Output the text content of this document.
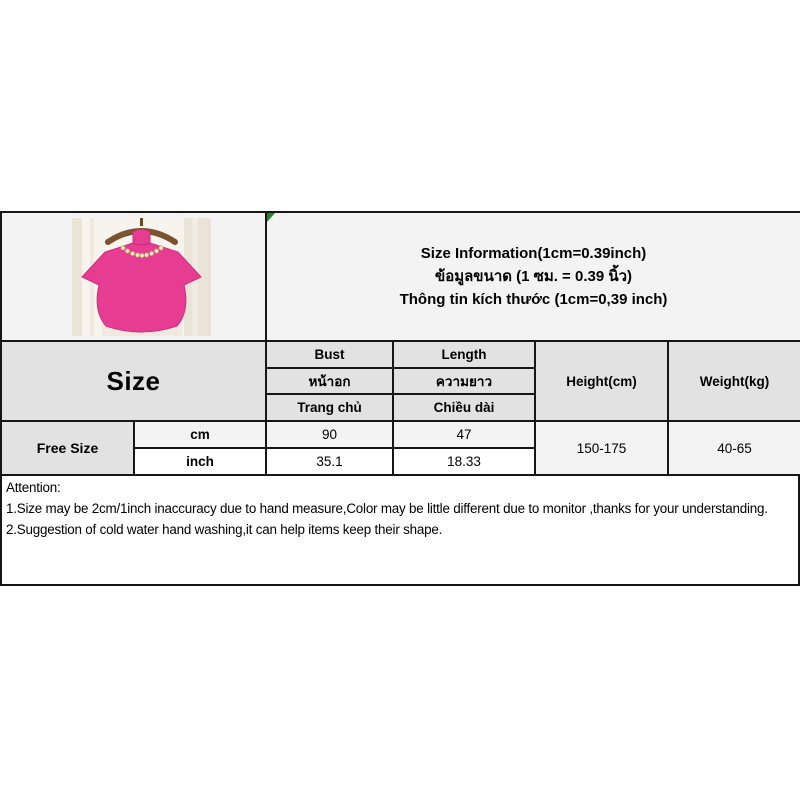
Size Information(1cm=0.39inch)
ข้อมูลขนาด (1 ซม. = 0.39 นิ้ว)
Thông tin kích thước (1cm=0,39 inch)			

Size		Bust	Length	Height(cm)	Weight(kg)
		หน้าอก	ความยาว		
		Trang chủ	Chiều dài		
Free Size	cm	90	47	150-175	40-65
	inch	35.1	18.33		
Attention:
1.Size may be 2cm/1inch inaccuracy due to hand measure,Color may be little different due to monitor ,thanks for your understanding.
2.Suggestion of cold water hand washing,it can help items keep their shape.
